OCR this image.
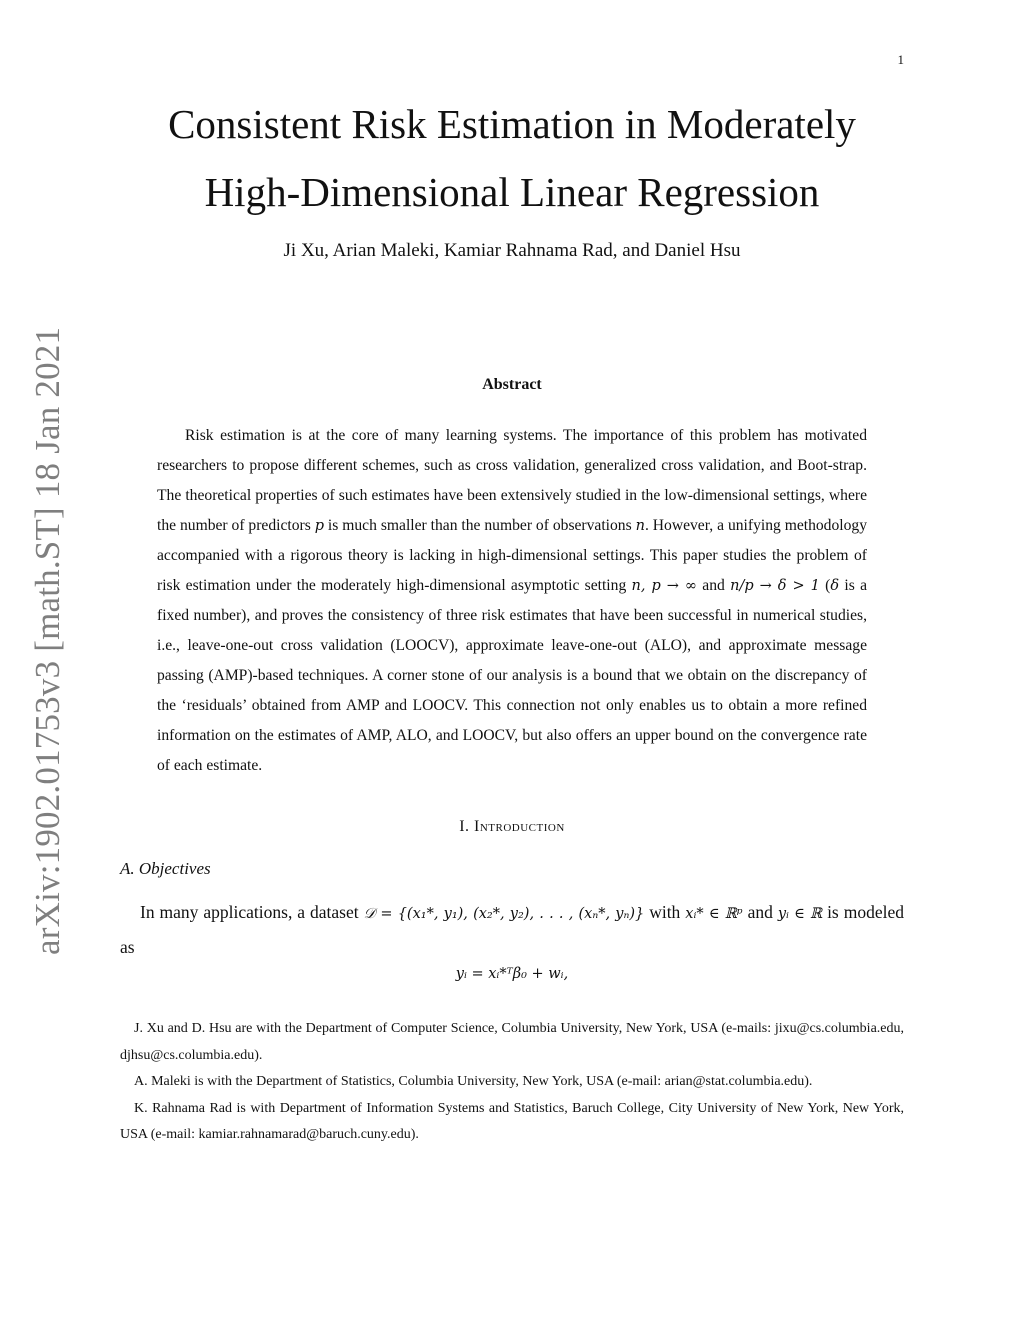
1
arXiv:1902.01753v3 [math.ST] 18 Jan 2021
Consistent Risk Estimation in Moderately
High-Dimensional Linear Regression
Ji Xu, Arian Maleki, Kamiar Rahnama Rad, and Daniel Hsu
Abstract

Risk estimation is at the core of many learning systems. The importance of this problem has motivated researchers to propose different schemes, such as cross validation, generalized cross validation, and Boot-strap. The theoretical properties of such estimates have been extensively studied in the low-dimensional settings, where the number of predictors p is much smaller than the number of observations n. However, a unifying methodology accompanied with a rigorous theory is lacking in high-dimensional settings. This paper studies the problem of risk estimation under the moderately high-dimensional asymptotic setting n, p → ∞ and n/p → δ > 1 (δ is a fixed number), and proves the consistency of three risk estimates that have been successful in numerical studies, i.e., leave-one-out cross validation (LOOCV), approximate leave-one-out (ALO), and approximate message passing (AMP)-based techniques. A corner stone of our analysis is a bound that we obtain on the discrepancy of the ‘residuals’ obtained from AMP and LOOCV. This connection not only enables us to obtain a more refined information on the estimates of AMP, ALO, and LOOCV, but also offers an upper bound on the convergence rate of each estimate.

I. Introduction
A. Objectives

In many applications, a dataset 𝒟 = {(x₁*, y₁), (x₂*, y₂), . . . , (xₙ*, yₙ)} with xᵢ* ∈ ℝᵖ and yᵢ ∈ ℝ is modeled as

yᵢ = xᵢ*ᵀβ₀ + wᵢ,

J. Xu and D. Hsu are with the Department of Computer Science, Columbia University, New York, USA (e-mails: jixu@cs.columbia.edu, djhsu@cs.columbia.edu).

A. Maleki is with the Department of Statistics, Columbia University, New York, USA (e-mail: arian@stat.columbia.edu).

K. Rahnama Rad is with Department of Information Systems and Statistics, Baruch College, City University of New York, New York, USA (e-mail: kamiar.rahnamarad@baruch.cuny.edu).
